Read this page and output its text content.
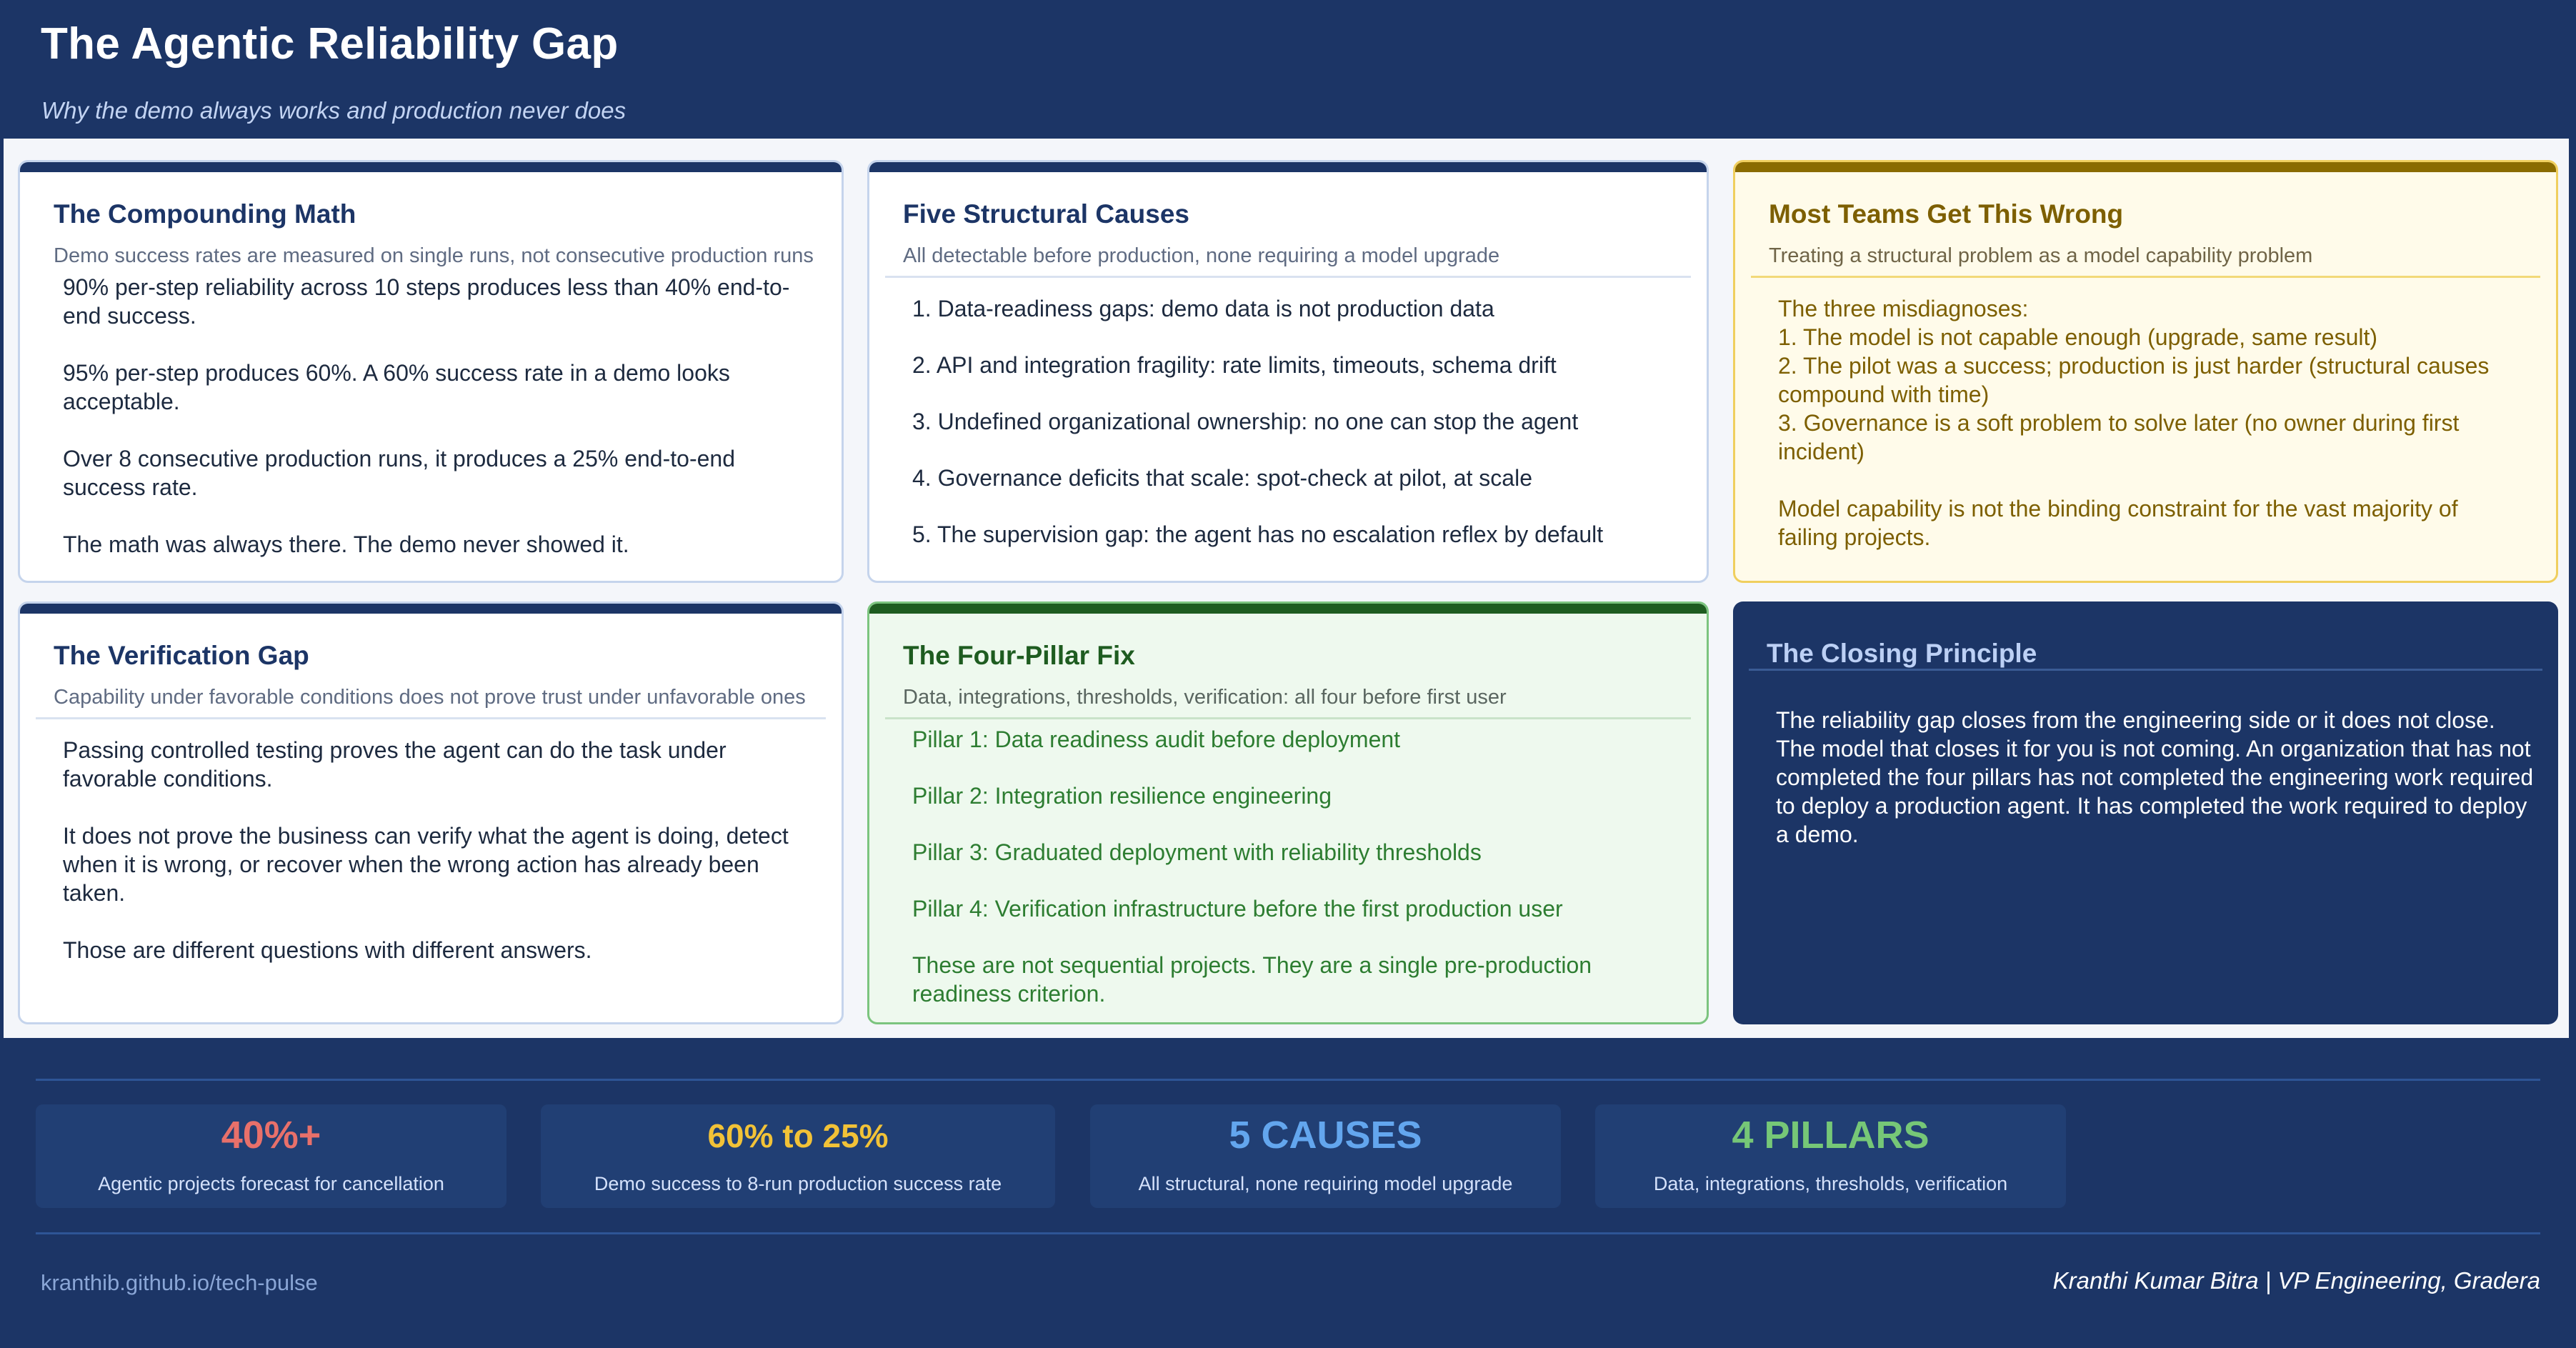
The Agentic Reliability Gap
Why the demo always works and production never does
The Compounding Math
Demo success rates are measured on single runs, not consecutive production runs

90% per-step reliability across 10 steps produces less than 40% end-to-end success.

95% per-step produces 60%. A 60% success rate in a demo looks acceptable.

Over 8 consecutive production runs, it produces a 25% end-to-end success rate.

The math was always there. The demo never showed it.

Five Structural Causes
All detectable before production, none requiring a model upgrade

1. Data-readiness gaps: demo data is not production data

2. API and integration fragility: rate limits, timeouts, schema drift

3. Undefined organizational ownership: no one can stop the agent

4. Governance deficits that scale: spot-check at pilot, at scale

5. The supervision gap: the agent has no escalation reflex by default

Most Teams Get This Wrong
Treating a structural problem as a model capability problem

The three misdiagnoses:

1. The model is not capable enough (upgrade, same result)

2. The pilot was a success; production is just harder (structural causes compound with time)

3. Governance is a soft problem to solve later (no owner during first incident)

Model capability is not the binding constraint for the vast majority of failing projects.

The Verification Gap
Capability under favorable conditions does not prove trust under unfavorable ones

Passing controlled testing proves the agent can do the task under favorable conditions.

It does not prove the business can verify what the agent is doing, detect when it is wrong, or recover when the wrong action has already been taken.

Those are different questions with different answers.

The Four-Pillar Fix
Data, integrations, thresholds, verification: all four before first user

Pillar 1: Data readiness audit before deployment

Pillar 2: Integration resilience engineering

Pillar 3: Graduated deployment with reliability thresholds

Pillar 4: Verification infrastructure before the first production user

These are not sequential projects. They are a single pre-production readiness criterion.

The Closing Principle
The reliability gap closes from the engineering side or it does not close. The model that closes it for you is not coming. An organization that has not completed the four pillars has not completed the engineering work required to deploy a production agent. It has completed the work required to deploy a demo.
40%+
Agentic projects forecast for cancellation
60% to 25%
Demo success to 8-run production success rate
5 CAUSES
All structural, none requiring model upgrade
4 PILLARS
Data, integrations, thresholds, verification
kranthib.github.io/tech-pulse	Kranthi Kumar Bitra | VP Engineering, Gradera
